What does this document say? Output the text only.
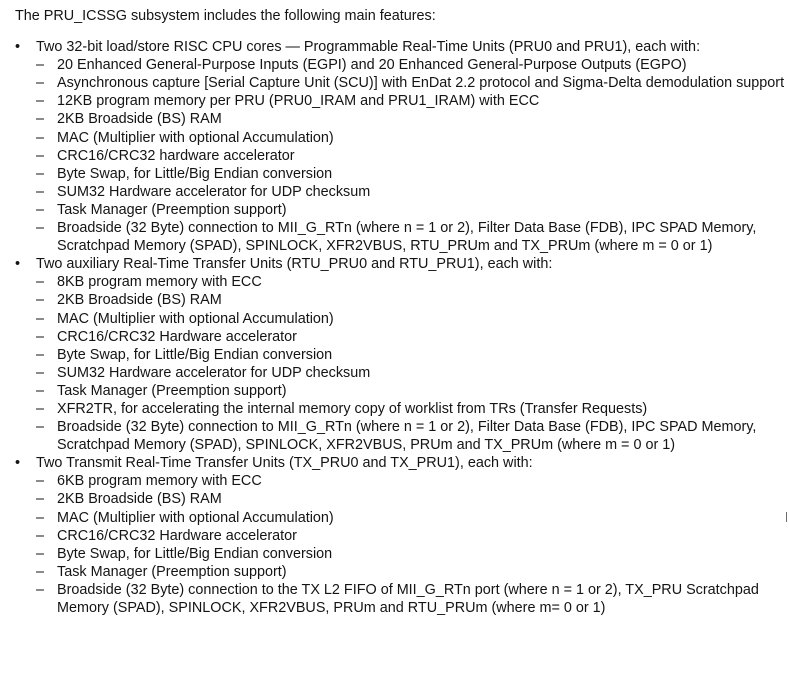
The PRU_ICSSG subsystem includes the following main features:
•	Two 32-bit load/store RISC CPU cores — Programmable Real-Time Units (PRU0 and PRU1), each with:
– 20 Enhanced General-Purpose Inputs (EGPI) and 20 Enhanced General-Purpose Outputs (EGPO)
– Asynchronous capture [Serial Capture Unit (SCU)] with EnDat 2.2 protocol and Sigma-Delta demodulation support
– 12KB program memory per PRU (PRU0_IRAM and PRU1_IRAM) with ECC
– 2KB Broadside (BS) RAM
– MAC (Multiplier with optional Accumulation)
– CRC16/CRC32 hardware accelerator
– Byte Swap, for Little/Big Endian conversion
– SUM32 Hardware accelerator for UDP checksum
– Task Manager (Preemption support)
– Broadside (32 Byte) connection to MII_G_RTn (where n = 1 or 2), Filter Data Base (FDB), IPC SPAD Memory, Scratchpad Memory (SPAD), SPINLOCK, XFR2VBUS, RTU_PRUm and TX_PRUm (where m = 0 or 1)
•	Two auxiliary Real-Time Transfer Units (RTU_PRU0 and RTU_PRU1), each with:
– 8KB program memory with ECC
– 2KB Broadside (BS) RAM
– MAC (Multiplier with optional Accumulation)
– CRC16/CRC32 Hardware accelerator
– Byte Swap, for Little/Big Endian conversion
– SUM32 Hardware accelerator for UDP checksum
– Task Manager (Preemption support)
– XFR2TR, for accelerating the internal memory copy of worklist from TRs (Transfer Requests)
– Broadside (32 Byte) connection to MII_G_RTn (where n = 1 or 2), Filter Data Base (FDB), IPC SPAD Memory, Scratchpad Memory (SPAD), SPINLOCK, XFR2VBUS, PRUm and TX_PRUm (where m = 0 or 1)
•	Two Transmit Real-Time Transfer Units (TX_PRU0 and TX_PRU1), each with:
– 6KB program memory with ECC
– 2KB Broadside (BS) RAM
– MAC (Multiplier with optional Accumulation)
– CRC16/CRC32 Hardware accelerator
– Byte Swap, for Little/Big Endian conversion
– Task Manager (Preemption support)
– Broadside (32 Byte) connection to the TX L2 FIFO of MII_G_RTn port (where n = 1 or 2), TX_PRU Scratchpad Memory (SPAD), SPINLOCK, XFR2VBUS, PRUm and RTU_PRUm (where m= 0 or 1)
